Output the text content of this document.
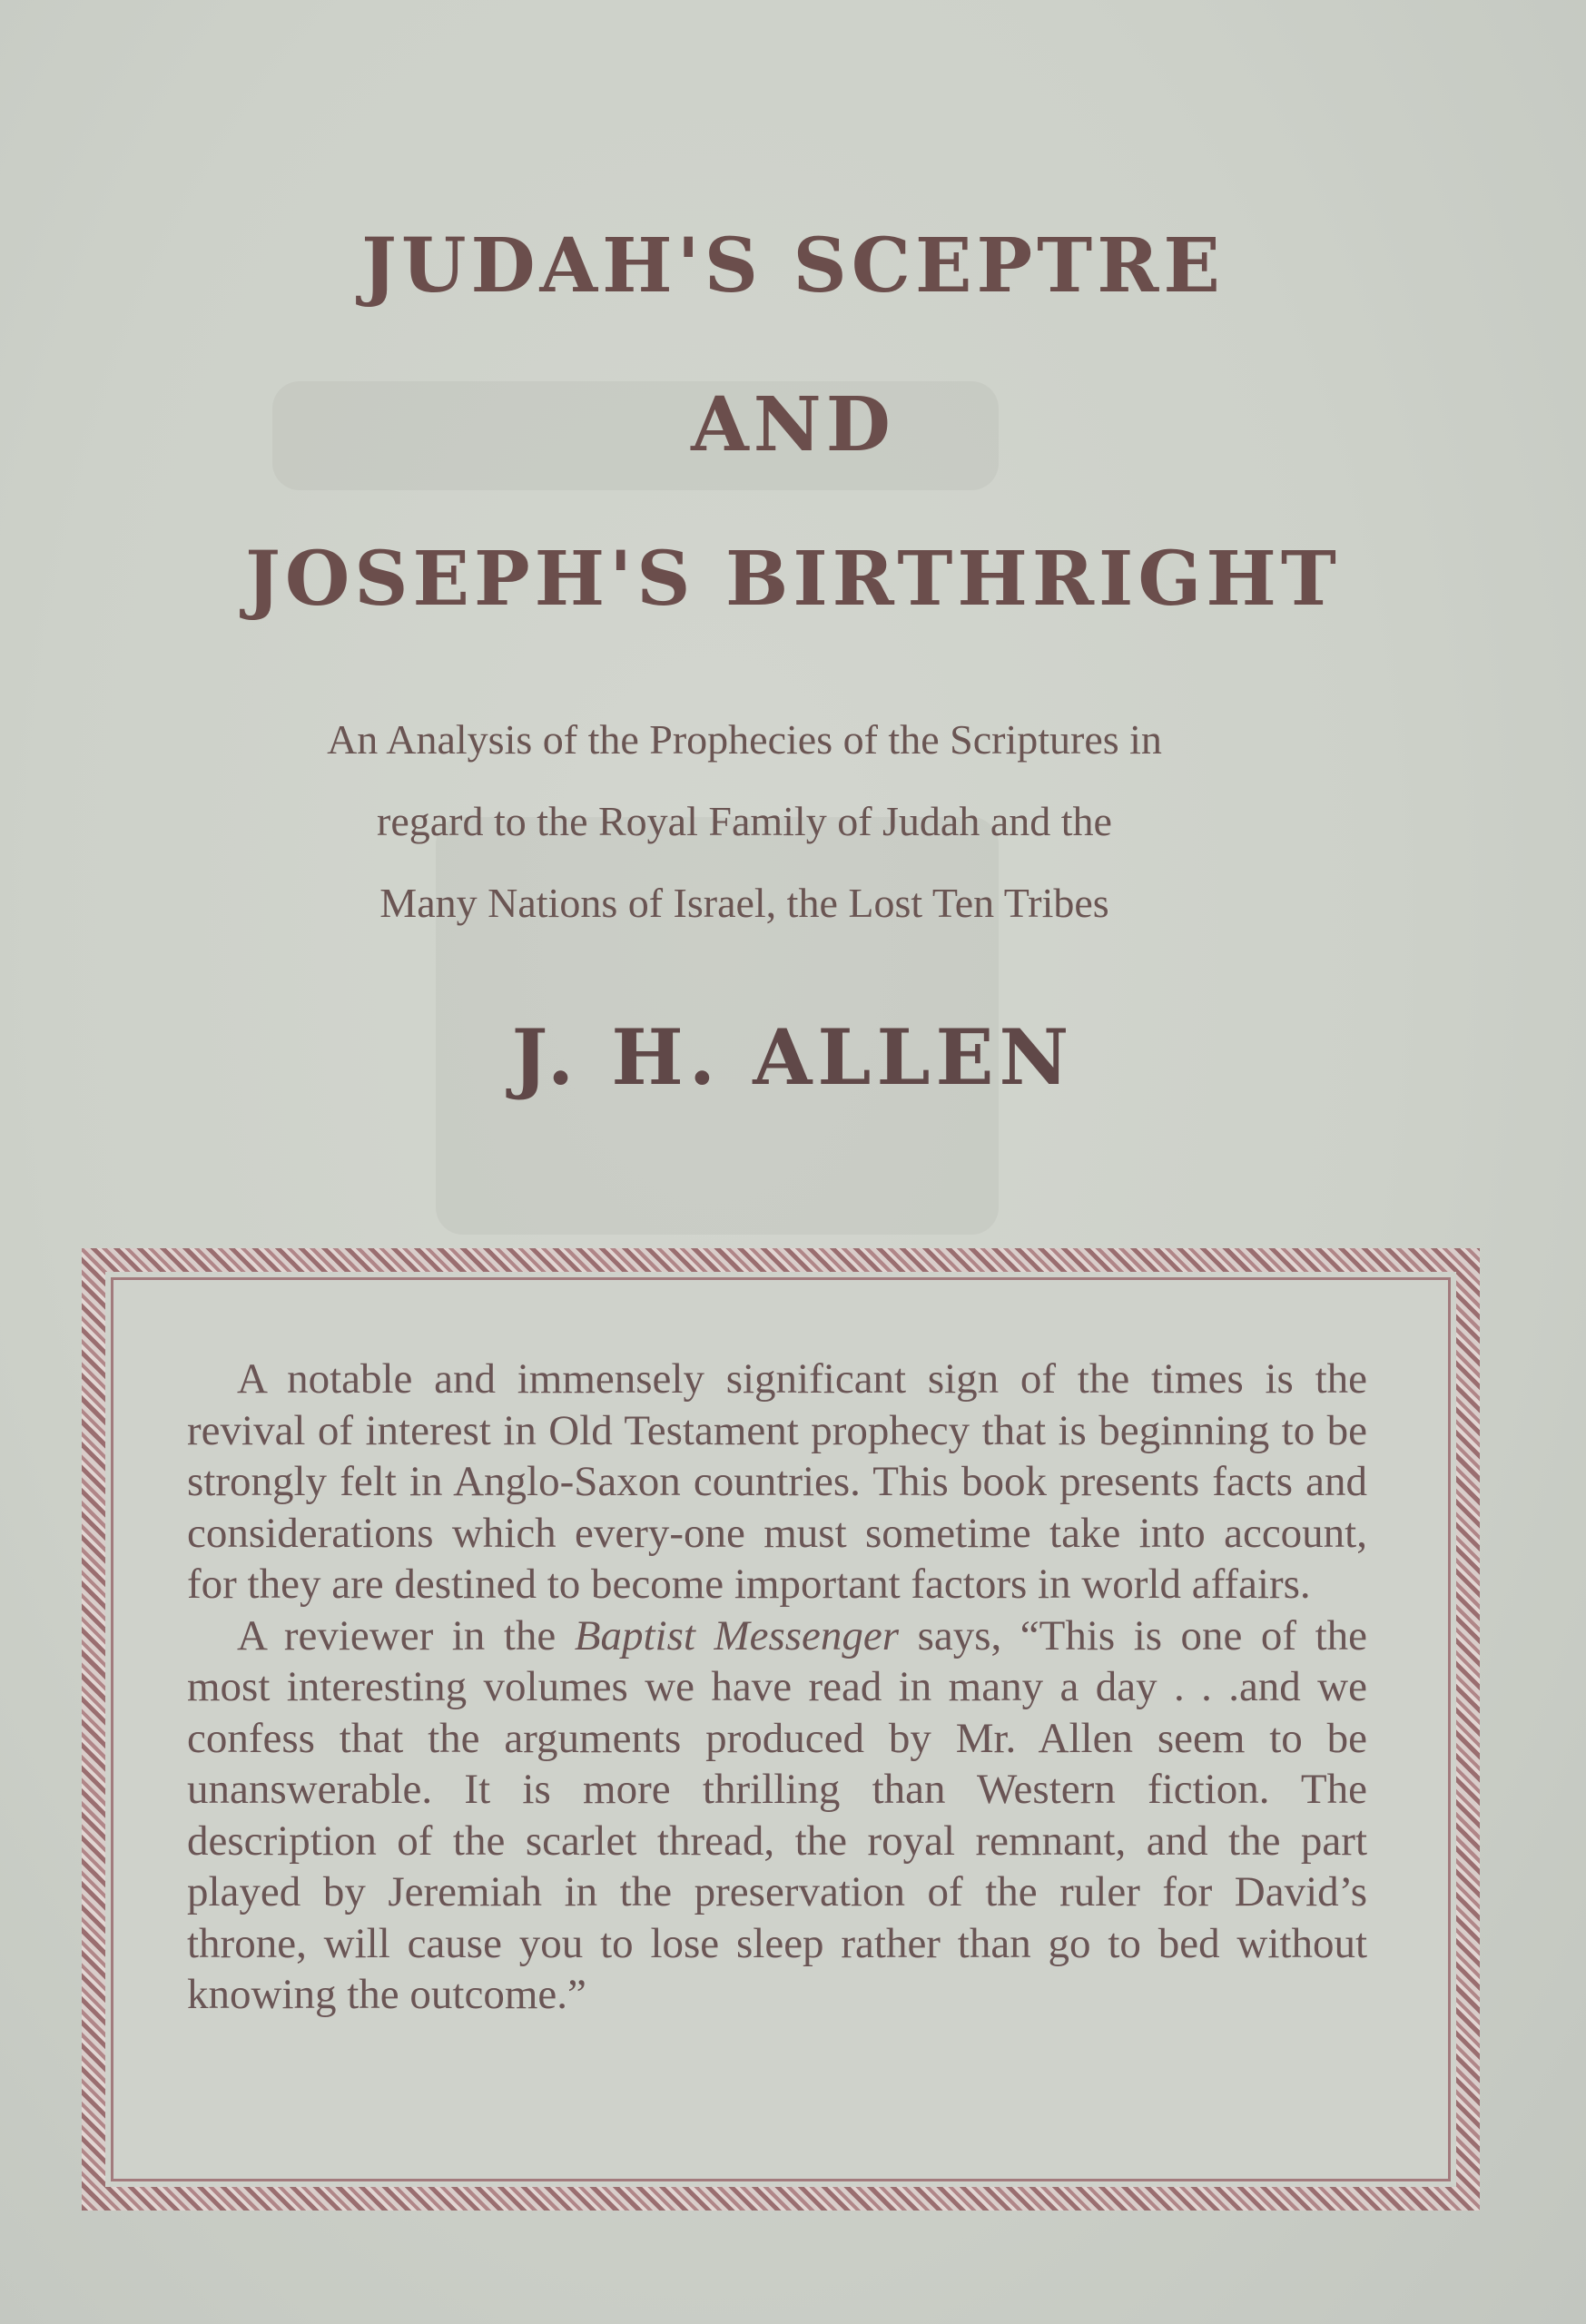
JUDAH'S SCEPTRE
AND
JOSEPH'S BIRTHRIGHT
An Analysis of the Prophecies of the Scriptures in
regard to the Royal Family of Judah and the
Many Nations of Israel, the Lost Ten Tribes
J. H. ALLEN

A notable and immensely significant sign of the times is the revival of interest in Old Testament prophecy that is beginning to be strongly felt in Anglo-Saxon countries. This book presents facts and considerations which every-one must sometime take into account, for they are destined to become important factors in world affairs.

A reviewer in the Baptist Messenger says, “This is one of the most interesting volumes we have read in many a day . . .and we confess that the arguments produced by Mr. Allen seem to be unanswerable. It is more thrilling than Western fiction. The description of the scarlet thread, the royal remnant, and the part played by Jeremiah in the preservation of the ruler for David’s throne, will cause you to lose sleep rather than go to bed without knowing the outcome.”
